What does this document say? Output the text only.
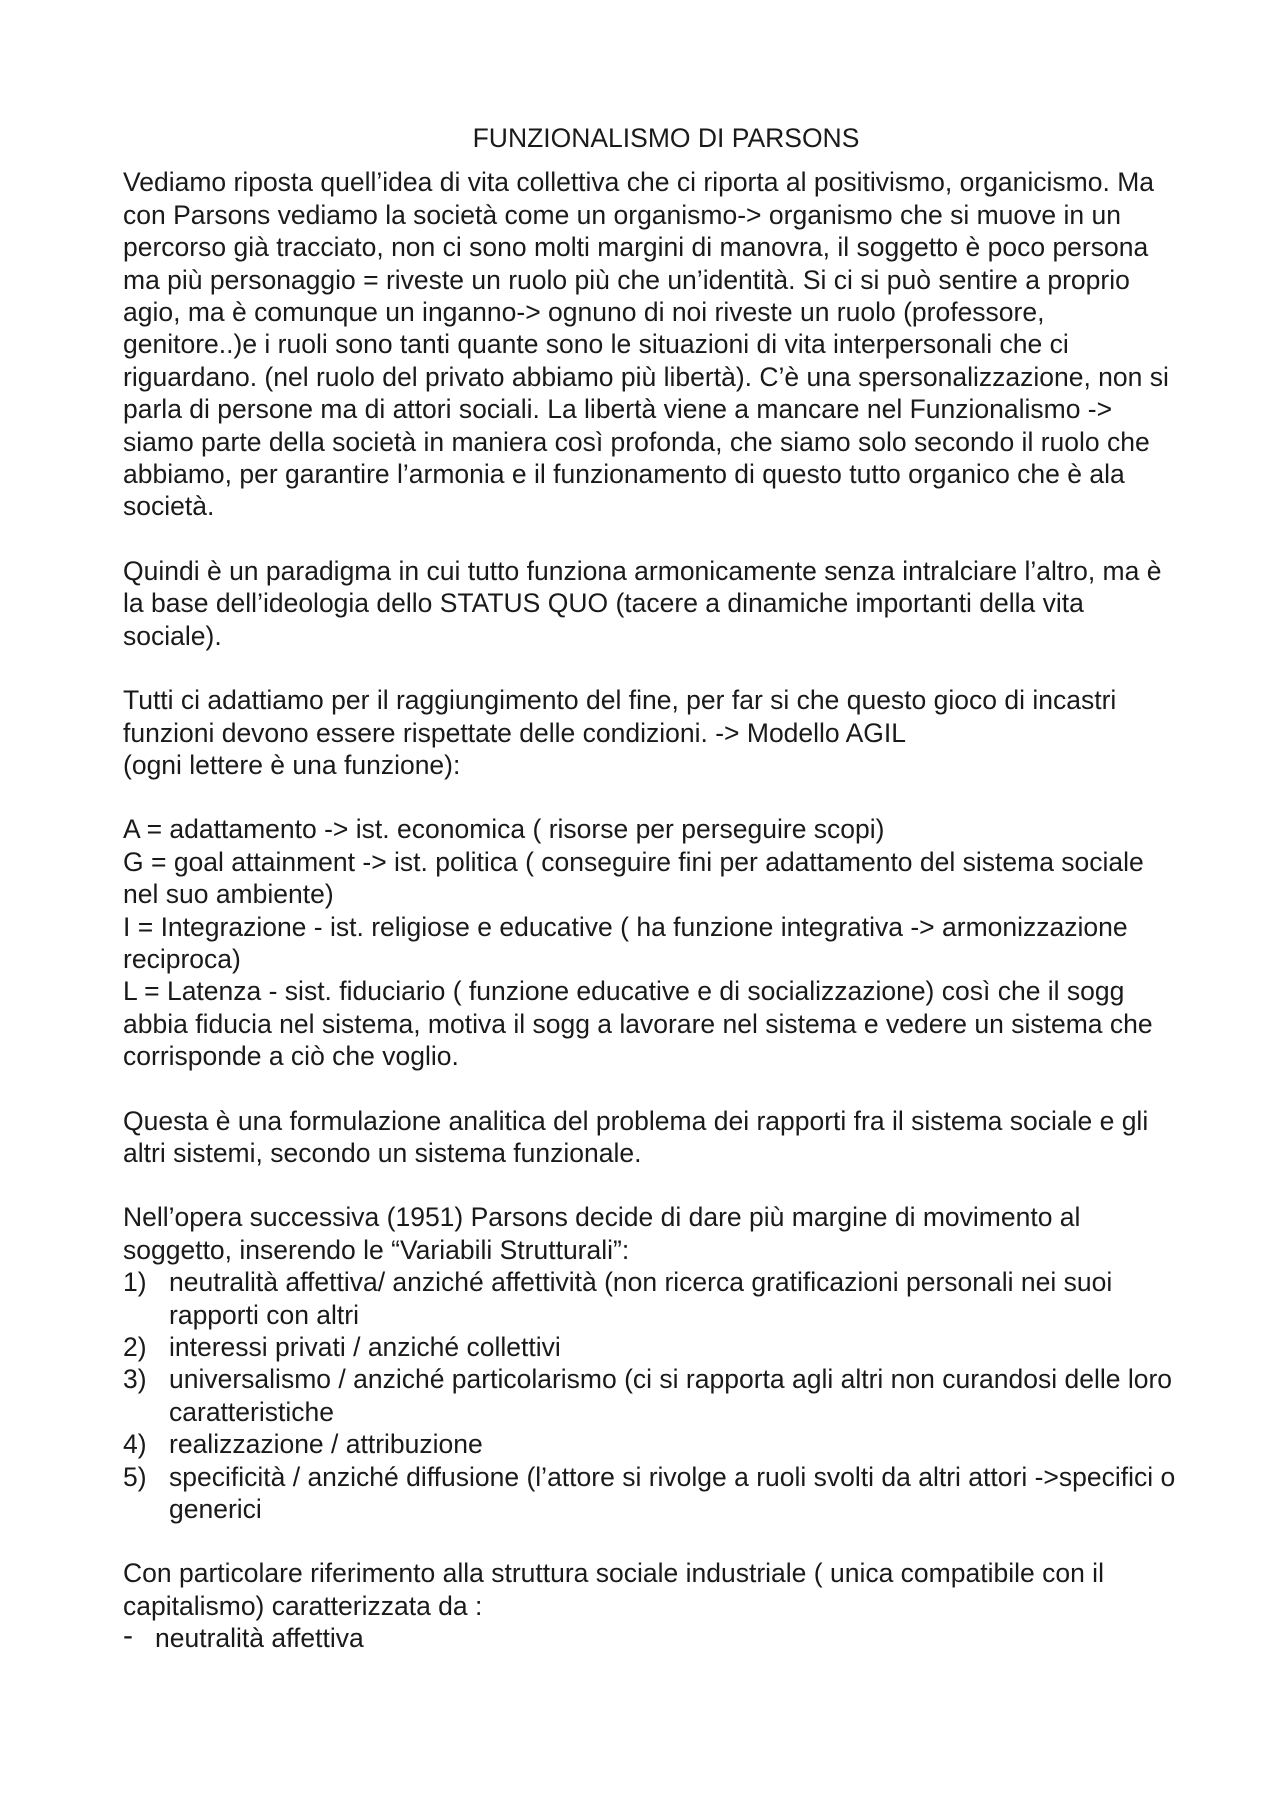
FUNZIONALISMO DI PARSONS

Vediamo riposta quell’idea di vita collettiva che ci riporta al positivismo, organicismo. Ma con Parsons vediamo la società come un organismo-> organismo che si muove in un percorso già tracciato, non ci sono molti margini di manovra, il soggetto è poco persona ma più personaggio = riveste un ruolo più che un’identità. Si ci si può sentire a proprio agio, ma è comunque un inganno-> ognuno di noi riveste un ruolo (professore, genitore..)e i ruoli sono tanti quante sono le situazioni di vita interpersonali che ci riguardano. (nel ruolo del privato abbiamo più libertà). C’è una spersonalizzazione, non si parla di persone ma di attori sociali. La libertà viene a mancare nel Funzionalismo -> siamo parte della società in maniera così profonda, che siamo solo secondo il ruolo che abbiamo, per garantire l’armonia e il funzionamento di questo tutto organico che è ala società.

Quindi è un paradigma in cui tutto funziona armonicamente senza intralciare l’altro, ma è la base dell’ideologia dello STATUS QUO (tacere a dinamiche importanti della vita sociale).

Tutti ci adattiamo per il raggiungimento del fine, per far si che questo gioco di incastri funzioni devono essere rispettate delle condizioni. -> Modello AGIL
(ogni lettere è una funzione):

A = adattamento -> ist. economica ( risorse per perseguire scopi)

G = goal attainment -> ist. politica ( conseguire fini per adattamento del sistema sociale nel suo ambiente)

I = Integrazione - ist. religiose e educative ( ha funzione integrativa -> armonizzazione reciproca)

L = Latenza - sist. fiduciario ( funzione educative e di socializzazione) così che il sogg abbia fiducia nel sistema, motiva il sogg a lavorare nel sistema e vedere un sistema che corrisponde a ciò che voglio.

Questa è una formulazione analitica del problema dei rapporti fra il sistema sociale e gli altri sistemi, secondo un sistema funzionale.

Nell’opera successiva (1951) Parsons decide di dare più margine di movimento al soggetto, inserendo le “Variabili Strutturali”:

1) neutralità affettiva/ anziché affettività (non ricerca gratificazioni personali nei suoi rapporti con altri
2) interessi privati / anziché collettivi
3) universalismo / anziché particolarismo (ci si rapporta agli altri non curandosi delle loro caratteristiche
4) realizzazione / attribuzione
5) specificità / anziché diffusione (l’attore si rivolge a ruoli svolti da altri attori ->specifici o generici

Con particolare riferimento alla struttura sociale industriale ( unica compatibile con il capitalismo) caratterizzata da :

- neutralità affettiva
